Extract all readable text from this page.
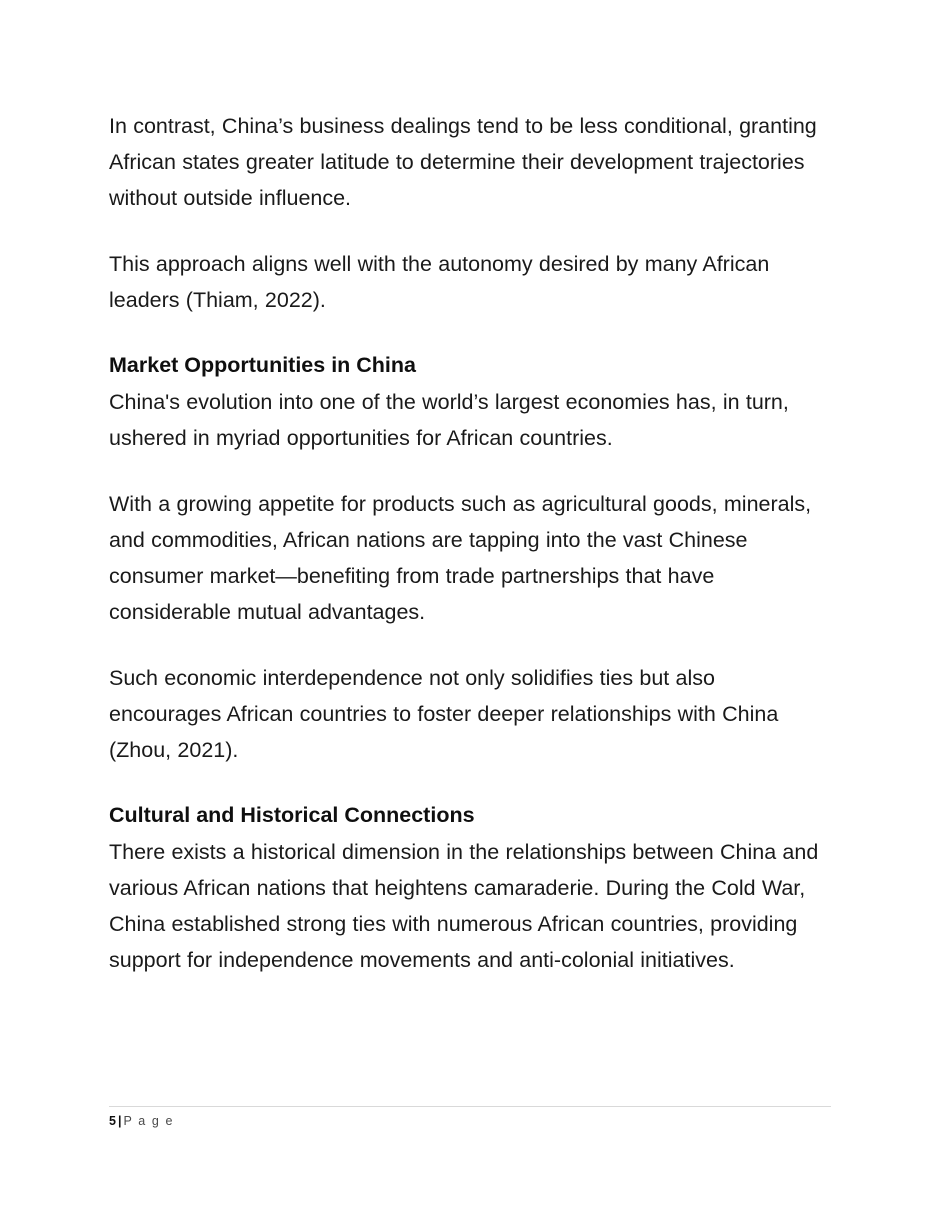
In contrast, China’s business dealings tend to be less conditional, granting African states greater latitude to determine their development trajectories without outside influence.

This approach aligns well with the autonomy desired by many African leaders (Thiam, 2022).

Market Opportunities in China

China's evolution into one of the world’s largest economies has, in turn, ushered in myriad opportunities for African countries.

With a growing appetite for products such as agricultural goods, minerals, and commodities, African nations are tapping into the vast Chinese consumer market—benefiting from trade partnerships that have considerable mutual advantages.

Such economic interdependence not only solidifies ties but also encourages African countries to foster deeper relationships with China (Zhou, 2021).

Cultural and Historical Connections

There exists a historical dimension in the relationships between China and various African nations that heightens camaraderie. During the Cold War, China established strong ties with numerous African countries, providing support for independence movements and anti-colonial initiatives.

5 | P a g e
